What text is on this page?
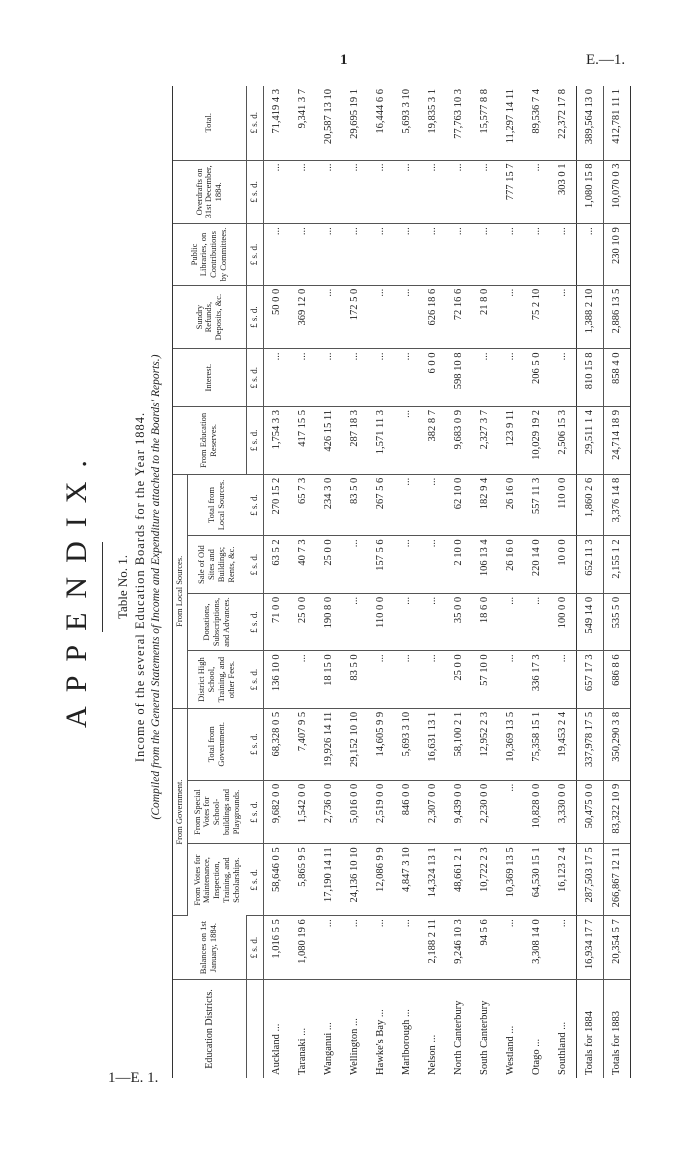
1	E.—1.
1—E. 1.
APPENDIX. Table No. 1. Income of the several Education Boards for the Year 1884. (Compiled from the General Statements of Income and Expenditure attached to the Boards' Reports.)
Education Districts.	Balances on 1st January, 1884.	From Government.			From Local Sources.				From Education Reserves.	Interest.	Sundry Refunds, Deposits, &c.	Public Libraries, on Contributions by Committees.	Overdrafts on 31st December, 1884.	Total.
		From Votes for Maintenance, Inspection, Training, and Scholarships.	From Special Votes for School-buildings and Playgrounds.	Total from Government.	District High School, Training, and other Fees.	Donations, Subscriptions, and Advances.	Sale of Old Sites and Buildings; Rents, &c.	Total from Local Sources.						
	£ s. d.	£ s. d.	£ s. d.	£ s. d.	£ s. d.	£ s. d.	£ s. d.	£ s. d.	£ s. d.	£ s. d.	£ s. d.	£ s. d.	£ s. d.	£ s. d.
Auckland ...	1,016 5 5	58,646 0 5	9,682 0 0	68,328 0 5	136 10 0	71 0 0	63 5 2	270 15 2	1,754 3 3	...	50 0 0	...	...	71,419 4 3
Taranaki ...	1,080 19 6	5,865 9 5	1,542 0 0	7,407 9 5	...	25 0 0	40 7 3	65 7 3	417 15 5	...	369 12 0	...	...	9,341 3 7
Wanganui ...	...	17,190 14 11	2,736 0 0	19,926 14 11	18 15 0	190 8 0	25 0 0	234 3 0	426 15 11	...	...	...	...	20,587 13 10
Wellington ...	...	24,136 10 10	5,016 0 0	29,152 10 10	83 5 0	...	...	83 5 0	287 18 3	...	172 5 0	...	...	29,695 19 1
Hawke's Bay ...	...	12,086 9 9	2,519 0 0	14,605 9 9	...	110 0 0	157 5 6	267 5 6	1,571 11 3	...	...	...	...	16,444 6 6
Marlborough ...	...	4,847 3 10	846 0 0	5,693 3 10	...	...	...	...	...	...	...	...	...	5,693 3 10
Nelson ...	2,188 2 11	14,324 13 1	2,307 0 0	16,631 13 1	...	...	...	...	382 8 7	6 0 0	626 18 6	...	...	19,835 3 1
North Canterbury	9,246 10 3	48,661 2 1	9,439 0 0	58,100 2 1	25 0 0	35 0 0	2 10 0	62 10 0	9,683 0 9	598 10 8	72 16 6	...	...	77,763 10 3
South Canterbury	94 5 6	10,722 2 3	2,230 0 0	12,952 2 3	57 10 0	18 6 0	106 13 4	182 9 4	2,327 3 7	...	21 8 0	...	...	15,577 8 8
Westland ...	...	10,369 13 5	...	10,369 13 5	...	...	26 16 0	26 16 0	123 9 11	...	...	...	777 15 7	11,297 14 11
Otago ...	3,308 14 0	64,530 15 1	10,828 0 0	75,358 15 1	336 17 3	...	220 14 0	557 11 3	10,029 19 2	206 5 0	75 2 10	...	...	89,536 7 4
Southland ...	...	16,123 2 4	3,330 0 0	19,453 2 4	...	100 0 0	10 0 0	110 0 0	2,506 15 3	...	...	...	303 0 1	22,372 17 8
Totals for 1884	16,934 17 7	287,503 17 5	50,475 0 0	337,978 17 5	657 17 3	549 14 0	652 11 3	1,860 2 6	29,511 1 4	810 15 8	1,388 2 10	...	1,080 15 8	389,564 13 0
Totals for 1883	20,354 5 7	266,867 12 11	83,322 10 9	350,290 3 8	686 8 6	535 5 0	2,155 1 2	3,376 14 8	24,714 18 9	858 4 0	2,886 13 5	230 10 9	10,070 0 3	412,781 11 1
